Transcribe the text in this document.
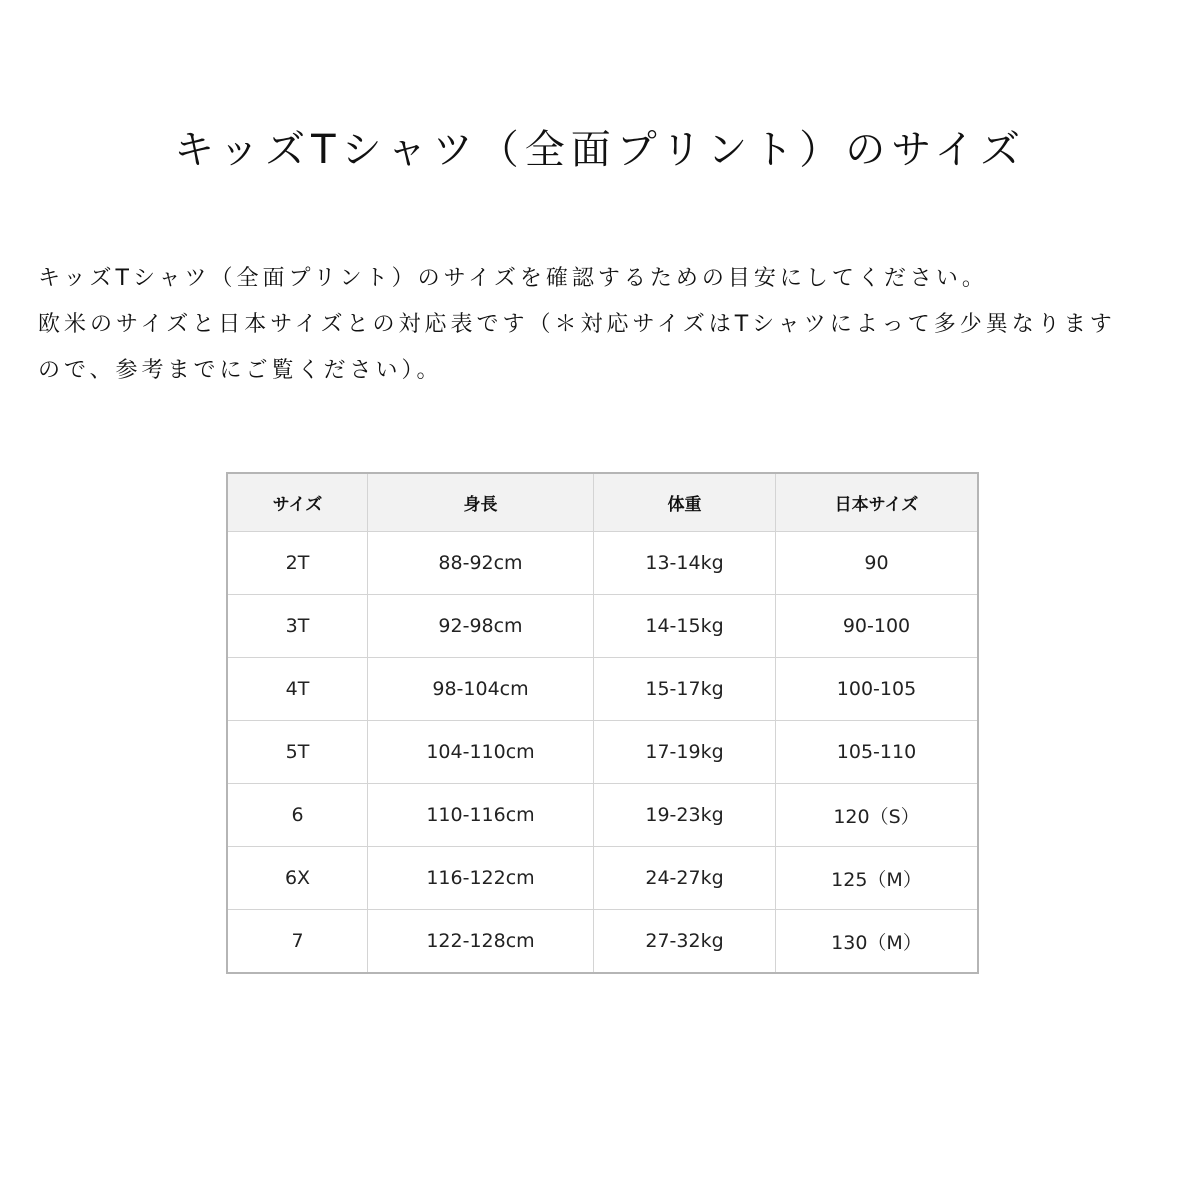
キッズTシャツ（全面プリント）のサイズ

キッズTシャツ（全面プリント）のサイズを確認するための目安にしてください。

欧米のサイズと日本サイズとの対応表です（＊対応サイズはTシャツによって多少異なります

ので、参考までにご覧ください）。

サイズ	身長	体重	日本サイズ
2T	88-92cm	13-14kg	90
3T	92-98cm	14-15kg	90-100
4T	98-104cm	15-17kg	100-105
5T	104-110cm	17-19kg	105-110
6	110-116cm	19-23kg	120（S）
6X	116-122cm	24-27kg	125（M）
7	122-128cm	27-32kg	130（M）
